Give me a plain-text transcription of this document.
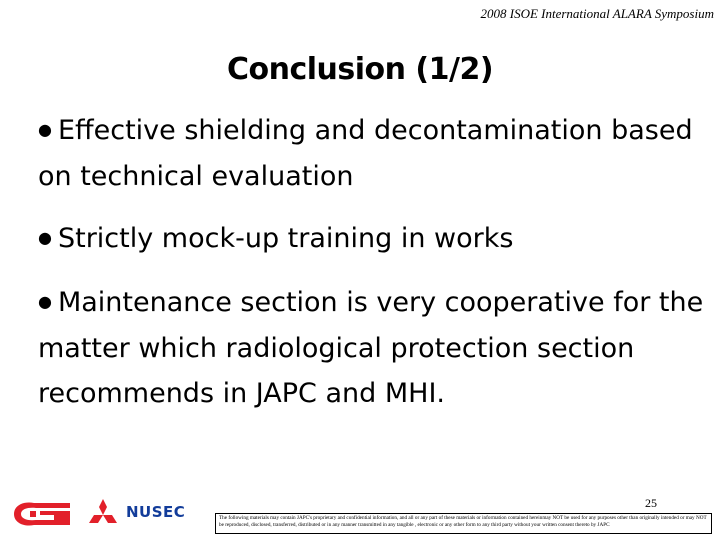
2008 ISOE International ALARA Symposium
Conclusion (1/2)
● Effective shielding and decontamination based on technical evaluation
● Strictly mock-up training in works
● Maintenance section is very cooperative for the matter which radiological protection section recommends in JAPC and MHI.
NUSEC	25
The following materials may contain JAPC's proprietary and confidential information, and all or any part of these materials or information contained hereinmay NOT be used for any purposes other than originally intended or may NOT be reproduced, disclosed, transferred, distributed or in any manner transmitted in any tangible , electronic or any other form to any third party without your written consent thereto by JAPC
